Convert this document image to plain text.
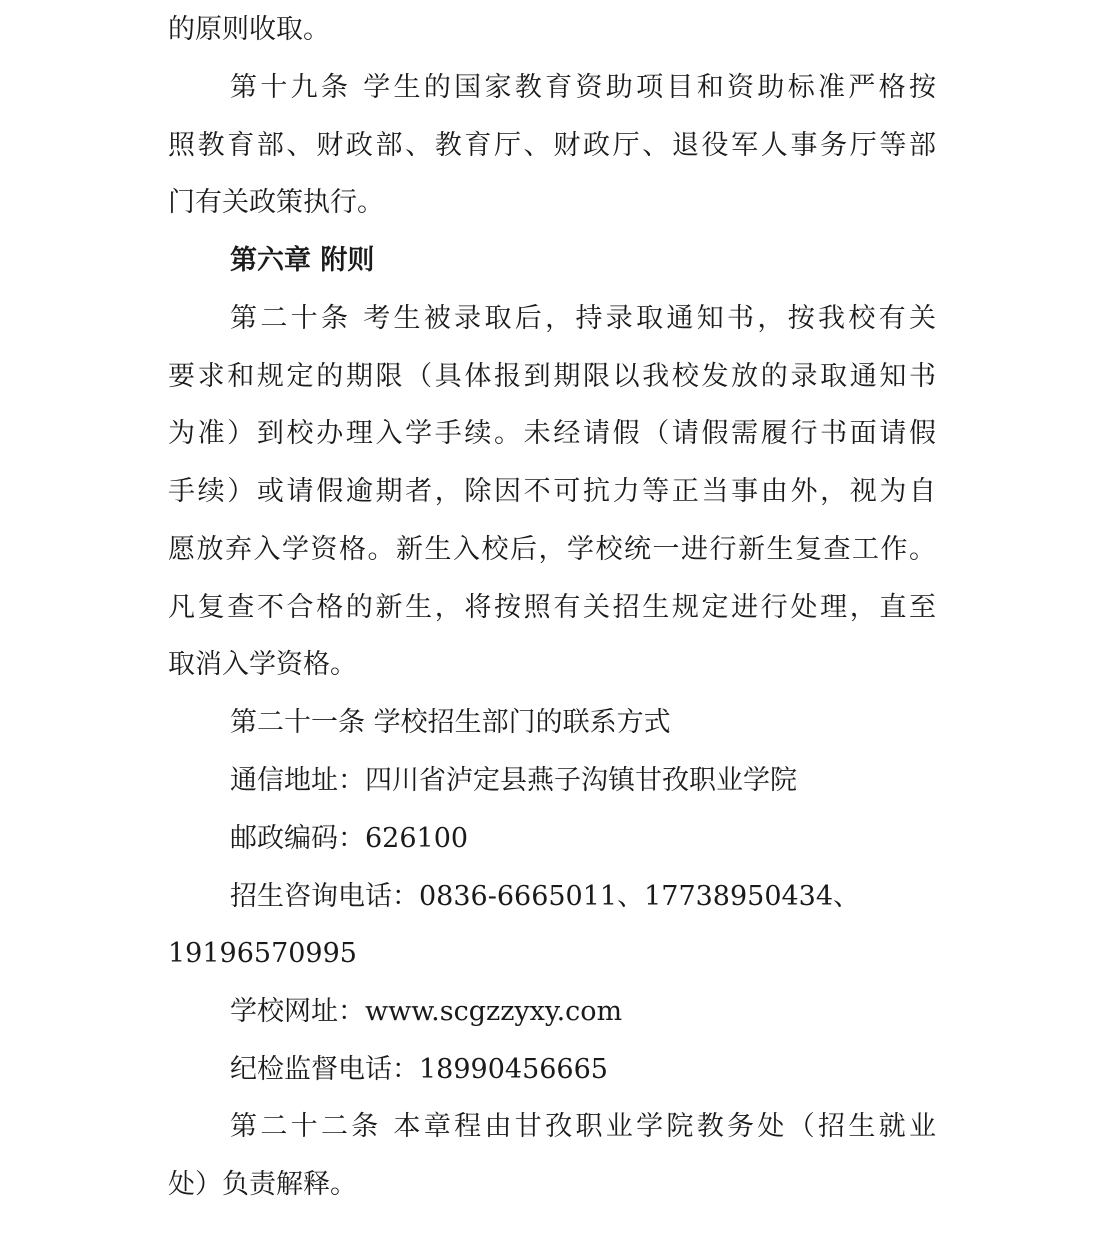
的原则收取。
第十九条 学生的国家教育资助项目和资助标准严格按
照教育部、财政部、教育厅、财政厅、退役军人事务厅等部
门有关政策执行。
第六章 附则
第二十条 考生被录取后，持录取通知书，按我校有关
要求和规定的期限（具体报到期限以我校发放的录取通知书
为准）到校办理入学手续。未经请假（请假需履行书面请假
手续）或请假逾期者，除因不可抗力等正当事由外，视为自
愿放弃入学资格。新生入校后，学校统一进行新生复查工作。
凡复查不合格的新生，将按照有关招生规定进行处理，直至
取消入学资格。
第二十一条 学校招生部门的联系方式
通信地址：四川省泸定县燕子沟镇甘孜职业学院
邮政编码：626100
招生咨询电话：0836-6665011、17738950434、
19196570995
学校网址：www.scgzzyxy.com
纪检监督电话：18990456665
第二十二条 本章程由甘孜职业学院教务处（招生就业
处）负责解释。
